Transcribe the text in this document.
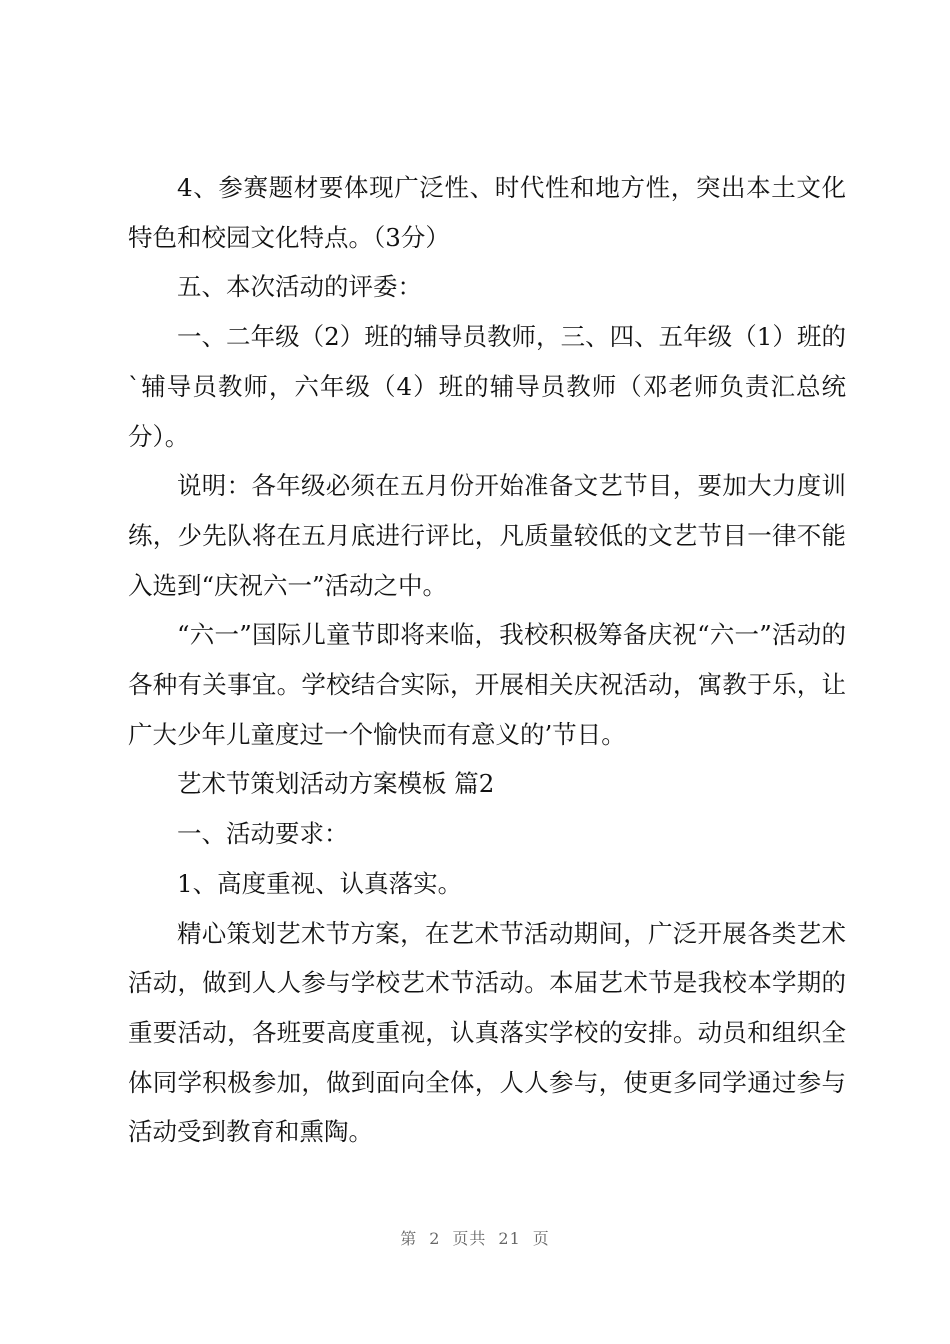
4、参赛题材要体现广泛性、时代性和地方性，突出本土文化特色和校园文化特点。（3分）

五、本次活动的评委：

一、二年级（2）班的辅导员教师，三、四、五年级（1）班的`辅导员教师，六年级（4）班的辅导员教师（邓老师负责汇总统分）。

说明：各年级必须在五月份开始准备文艺节目，要加大力度训练，少先队将在五月底进行评比，凡质量较低的文艺节目一律不能入选到“庆祝六一”活动之中。

“六一”国际儿童节即将来临，我校积极筹备庆祝“六一”活动的各种有关事宜。学校结合实际，开展相关庆祝活动，寓教于乐，让广大少年儿童度过一个愉快而有意义的’节日。

艺术节策划活动方案模板 篇2

一、活动要求：

1、高度重视、认真落实。

精心策划艺术节方案，在艺术节活动期间，广泛开展各类艺术活动，做到人人参与学校艺术节活动。本届艺术节是我校本学期的重要活动，各班要高度重视，认真落实学校的安排。动员和组织全体同学积极参加，做到面向全体，人人参与，使更多同学通过参与活动受到教育和熏陶。

第 2 页共 21 页
